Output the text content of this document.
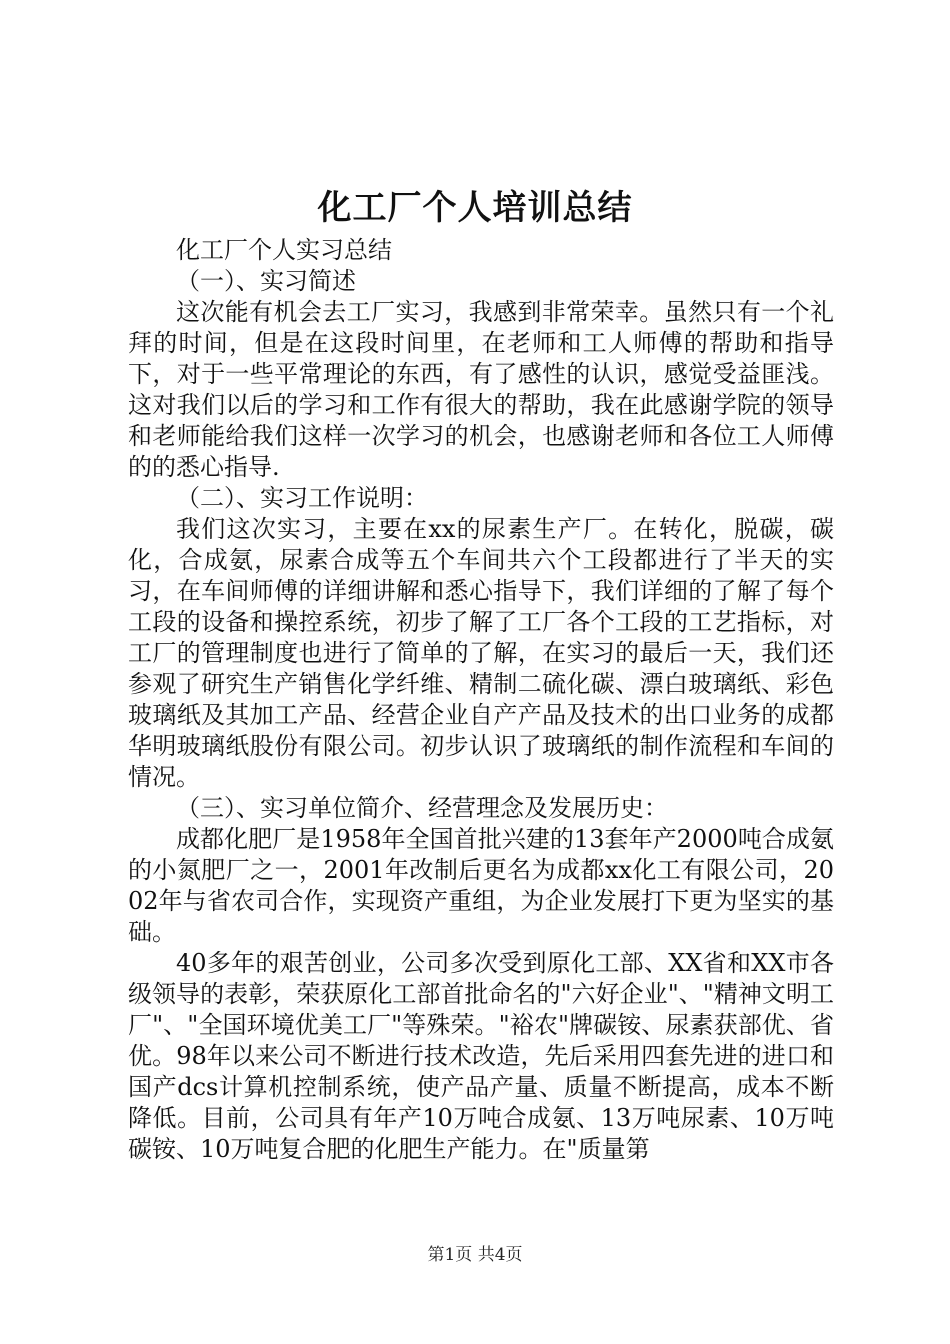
化工厂个人培训总结

化工厂个人实习总结

（一）、实习简述

这次能有机会去工厂实习，我感到非常荣幸。虽然只有一个礼拜的时间，但是在这段时间里，在老师和工人师傅的帮助和指导下，对于一些平常理论的东西，有了感性的认识，感觉受益匪浅。这对我们以后的学习和工作有很大的帮助，我在此感谢学院的领导和老师能给我们这样一次学习的机会，也感谢老师和各位工人师傅的的悉心指导.

（二）、实习工作说明：

我们这次实习，主要在xx的尿素生产厂。在转化，脱碳，碳化，合成氨，尿素合成等五个车间共六个工段都进行了半天的实习，在车间师傅的详细讲解和悉心指导下，我们详细的了解了每个工段的设备和操控系统，初步了解了工厂各个工段的工艺指标，对工厂的管理制度也进行了简单的了解，在实习的最后一天，我们还参观了研究生产销售化学纤维、精制二硫化碳、漂白玻璃纸、彩色玻璃纸及其加工产品、经营企业自产产品及技术的出口业务的成都华明玻璃纸股份有限公司。初步认识了玻璃纸的制作流程和车间的情况。

（三）、实习单位简介、经营理念及发展历史：

成都化肥厂是1958年全国首批兴建的13套年产2000吨合成氨的小氮肥厂之一，2001年改制后更名为成都xx化工有限公司，2002年与省农司合作，实现资产重组，为企业发展打下更为坚实的基础。

40多年的艰苦创业，公司多次受到原化工部、XX省和XX市各级领导的表彰，荣获原化工部首批命名的"六好企业"、"精神文明工厂"、"全国环境优美工厂"等殊荣。"裕农"牌碳铵、尿素获部优、省优。98年以来公司不断进行技术改造，先后采用四套先进的进口和国产dcs计算机控制系统，使产品产量、质量不断提高，成本不断降低。目前，公司具有年产10万吨合成氨、13万吨尿素、10万吨碳铵、10万吨复合肥的化肥生产能力。在"质量第

第1页 共4页
